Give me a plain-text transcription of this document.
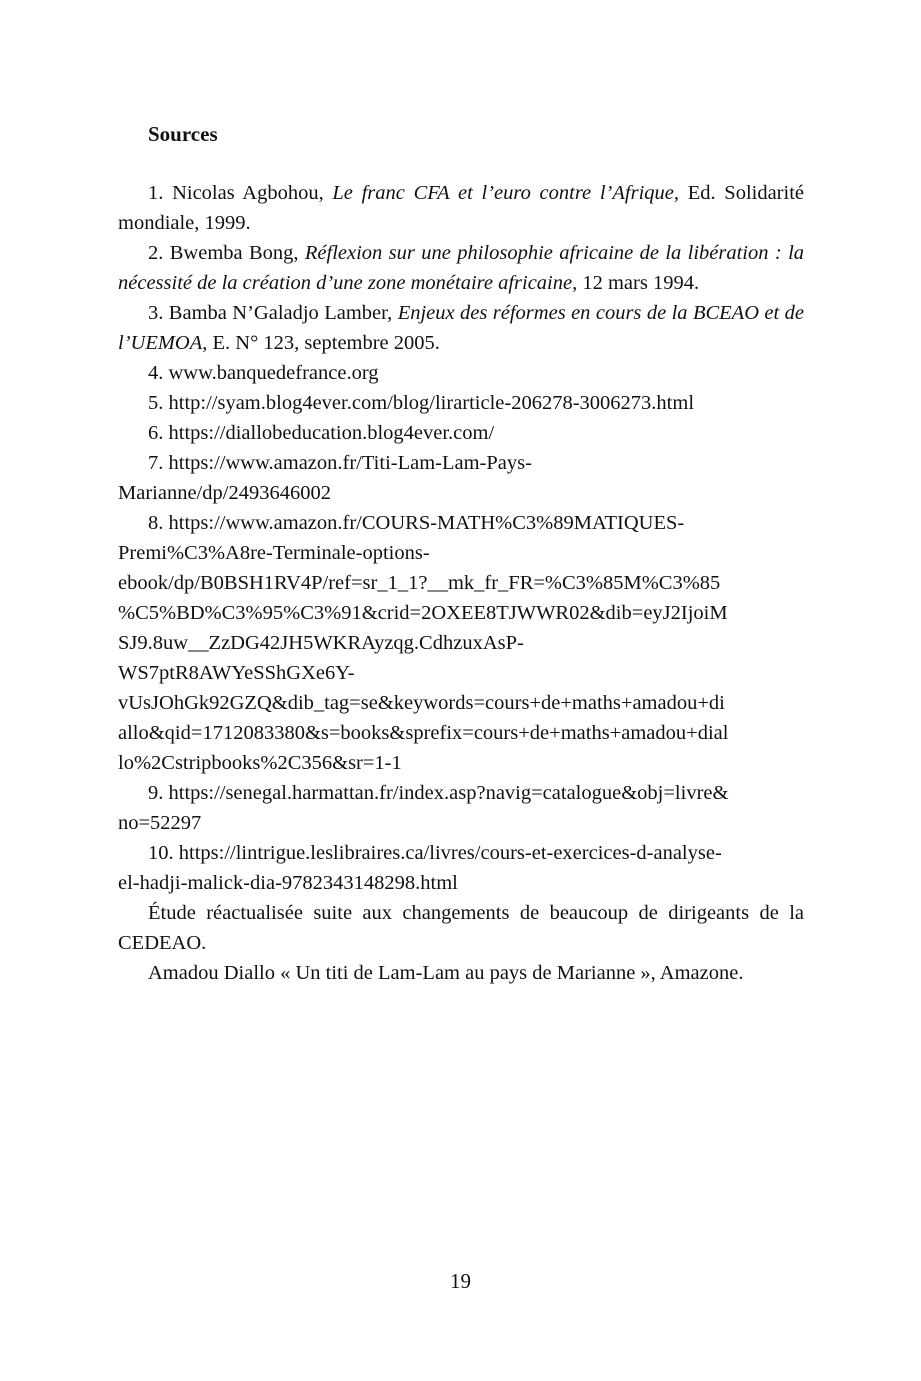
Sources

1. Nicolas Agbohou, Le franc CFA et l’euro contre l’Afrique, Ed. Solidarité mondiale, 1999.

2. Bwemba Bong, Réflexion sur une philosophie africaine de la libération : la nécessité de la création d’une zone monétaire africaine, 12 mars 1994.

3. Bamba N’Galadjo Lamber, Enjeux des réformes en cours de la BCEAO et de l’UEMOA, E. N° 123, septembre 2005.

4. www.banquedefrance.org

5. http://syam.blog4ever.com/blog/lirarticle-206278-3006273.html

6. https://diallobeducation.blog4ever.com/

7. https://www.amazon.fr/Titi-Lam-Lam-Pays-
Marianne/dp/2493646002

8. https://www.amazon.fr/COURS-MATH%C3%89MATIQUES-
Premi%C3%A8re-Terminale-options-
ebook/dp/B0BSH1RV4P/ref=sr_1_1?__mk_fr_FR=%C3%85M%C3%85
%C5%BD%C3%95%C3%91&crid=2OXEE8TJWWR02&dib=eyJ2IjoiM
SJ9.8uw__ZzDG42JH5WKRAyzqg.CdhzuxAsP-
WS7ptR8AWYeSShGXe6Y-
vUsJOhGk92GZQ&dib_tag=se&keywords=cours+de+maths+amadou+di
allo&qid=1712083380&s=books&sprefix=cours+de+maths+amadou+dial
lo%2Cstripbooks%2C356&sr=1-1

9. https://senegal.harmattan.fr/index.asp?navig=catalogue&obj=livre&
no=52297

10. https://lintrigue.leslibraires.ca/livres/cours-et-exercices-d-analyse-
el-hadji-malick-dia-9782343148298.html

Étude réactualisée suite aux changements de beaucoup de dirigeants de la CEDEAO.

Amadou Diallo « Un titi de Lam-Lam au pays de Marianne », Amazone.

19
